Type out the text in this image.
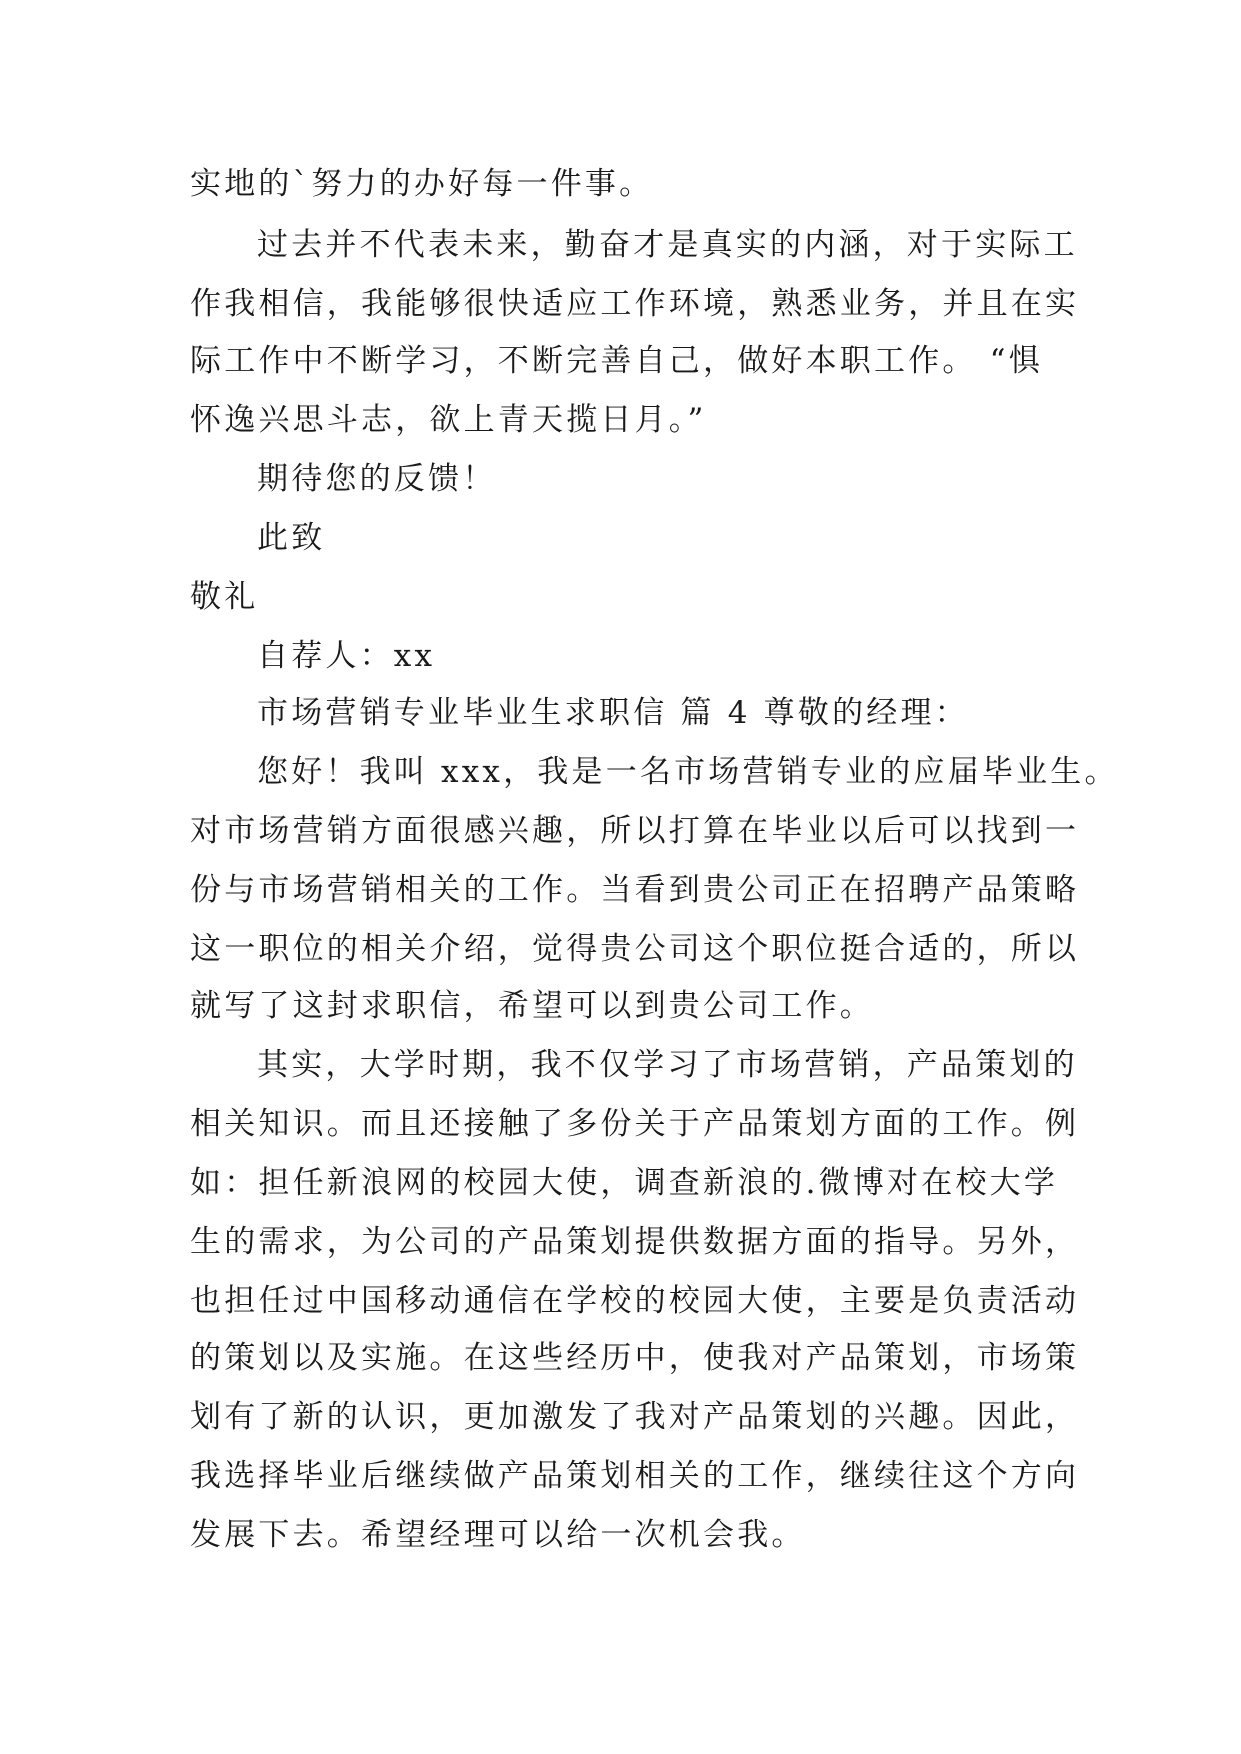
实地的`努力的办好每一件事。
过去并不代表未来，勤奋才是真实的内涵，对于实际工
作我相信，我能够很快适应工作环境，熟悉业务，并且在实
际工作中不断学习，不断完善自己，做好本职工作。 “惧
怀逸兴思斗志，欲上青天揽日月。”
期待您的反馈！
此致
敬礼
自荐人：xx
市场营销专业毕业生求职信 篇 4 尊敬的经理：
您好！我叫 xxx，我是一名市场营销专业的应届毕业生。
对市场营销方面很感兴趣，所以打算在毕业以后可以找到一
份与市场营销相关的工作。当看到贵公司正在招聘产品策略
这一职位的相关介绍，觉得贵公司这个职位挺合适的，所以
就写了这封求职信，希望可以到贵公司工作。
其实，大学时期，我不仅学习了市场营销，产品策划的
相关知识。而且还接触了多份关于产品策划方面的工作。例
如：担任新浪网的校园大使，调查新浪的.微博对在校大学
生的需求，为公司的产品策划提供数据方面的指导。另外，
也担任过中国移动通信在学校的校园大使，主要是负责活动
的策划以及实施。在这些经历中，使我对产品策划，市场策
划有了新的认识，更加激发了我对产品策划的兴趣。因此，
我选择毕业后继续做产品策划相关的工作，继续往这个方向
发展下去。希望经理可以给一次机会我。
